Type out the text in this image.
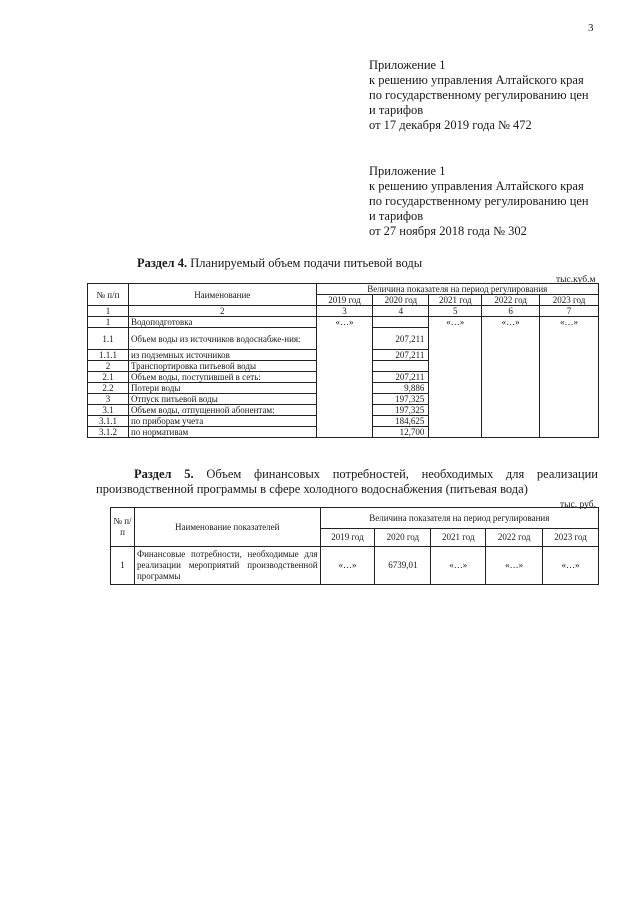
3
Приложение 1
к решению управления Алтайского края
по государственному регулированию цен
и тарифов
от 17 декабря 2019 года № 472
Приложение 1
к решению управления Алтайского края
по государственному регулированию цен
и тарифов
от 27 ноября 2018 года № 302
Раздел 4. Планируемый объем подачи питьевой воды
тыс.куб.м
№ п/п	Наименование	Величина показателя на период регулирования				
		2019 год	2020 год	2021 год	2022 год	2023 год
1	2	3	4	5	6	7
1	Водоподготовка	«…»		«…»	«…»	«…»
1.1	Объем воды из источников водоснабже-ния:		207,211			
1.1.1	из подземных источников		207,211			
2	Транспортировка питьевой воды					
2.1	Объем воды, поступившей в сеть:		207,211			
2.2	Потери воды		9,886			
3	Отпуск питьевой воды		197,325			
3.1	Объем воды, отпущенной абонентам:		197,325			
3.1.1	по приборам учета		184,625			
3.1.2	по нормативам		12,700			
Раздел 5. Объем финансовых потребностей, необходимых для реализации
производственной программы в сфере холодного водоснабжения (питьевая вода)
тыс. руб.
№ п/ п	Наименование показателей	Величина показателя на период регулирования				
		2019 год	2020 год	2021 год	2022 год	2023 год
1	Финансовые потребности, необходимые для реализации мероприятий производственной программы	«…»	6739,01	«…»	«…»	«…»
